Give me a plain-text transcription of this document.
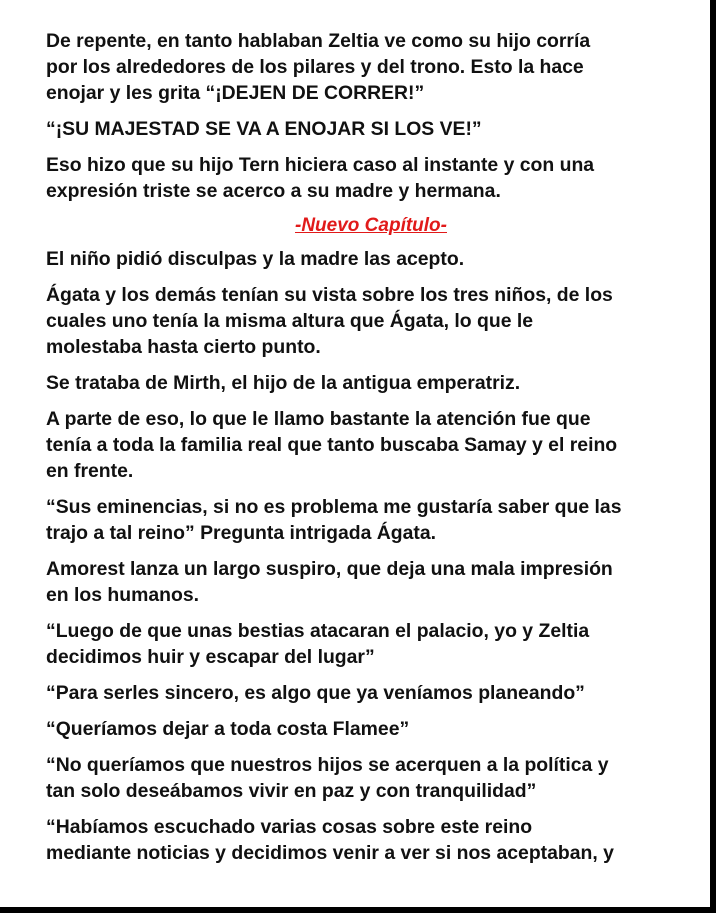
De repente, en tanto hablaban Zeltia ve como su hijo corría
por los alrededores de los pilares y del trono. Esto la hace
enojar y les grita “¡DEJEN DE CORRER!”

“¡SU MAJESTAD SE VA A ENOJAR SI LOS VE!”

Eso hizo que su hijo Tern hiciera caso al instante y con una
expresión triste se acerco a su madre y hermana.

-Nuevo Capítulo-

El niño pidió disculpas y la madre las acepto.

Ágata y los demás tenían su vista sobre los tres niños, de los
cuales uno tenía la misma altura que Ágata, lo que le
molestaba hasta cierto punto.

Se trataba de Mirth, el hijo de la antigua emperatriz.

A parte de eso, lo que le llamo bastante la atención fue que
tenía a toda la familia real que tanto buscaba Samay y el reino
en frente.

“Sus eminencias, si no es problema me gustaría saber que las
trajo a tal reino” Pregunta intrigada Ágata.

Amorest lanza un largo suspiro, que deja una mala impresión
en los humanos.

“Luego de que unas bestias atacaran el palacio, yo y Zeltia
decidimos huir y escapar del lugar”

“Para serles sincero, es algo que ya veníamos planeando”

“Queríamos dejar a toda costa Flamee”

“No queríamos que nuestros hijos se acerquen a la política y
tan solo deseábamos vivir en paz y con tranquilidad”

“Habíamos escuchado varias cosas sobre este reino
mediante noticias y decidimos venir a ver si nos aceptaban, y
